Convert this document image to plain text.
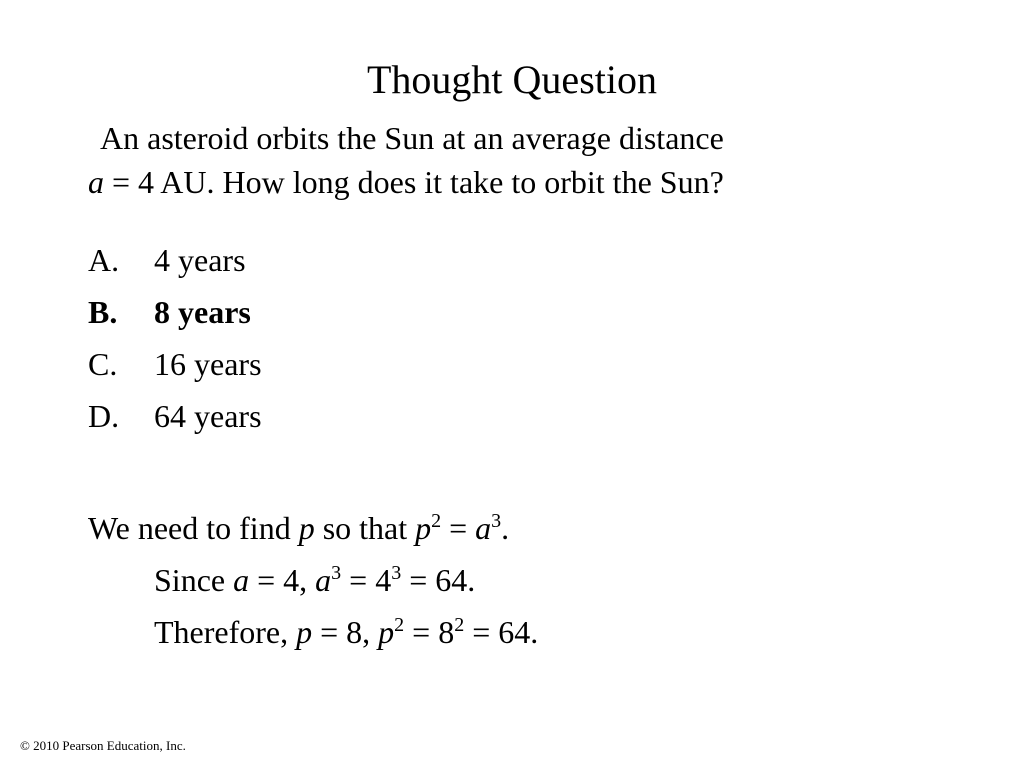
Thought Question
An asteroid orbits the Sun at an average distance
a = 4 AU. How long does it take to orbit the Sun?
A. 4 years
B. 8 years
C. 16 years
D. 64 years
We need to find p so that $p^2 = a^3$.
Since a = 4, $a^3 = 4^3 = 64$.
Therefore, p = 8, $p^2 = 8^2 = 64$.
© 2010 Pearson Education, Inc.
